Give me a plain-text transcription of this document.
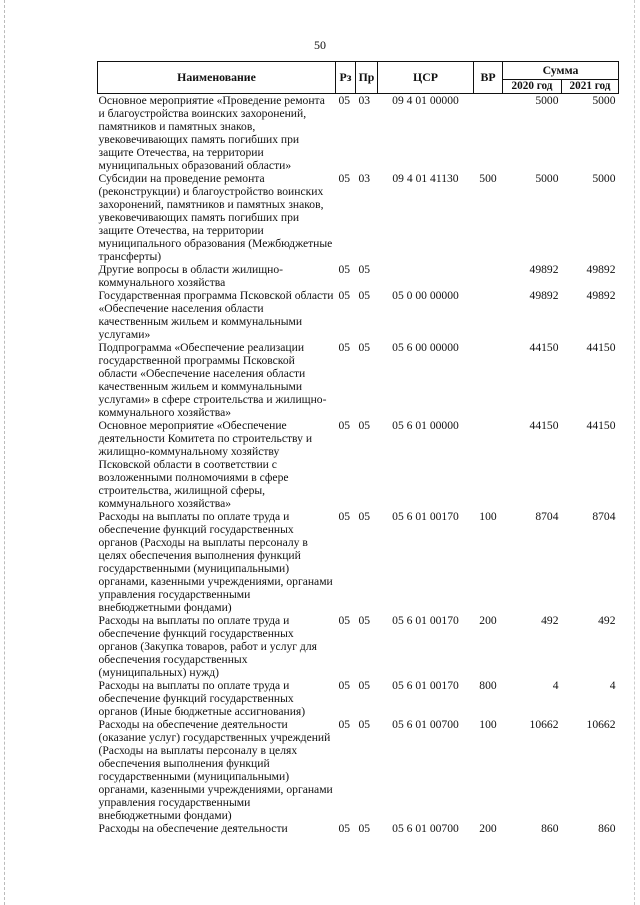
50
Наименование	Рз	Пр	ЦСР	ВР	Сумма	
					2020 год	2021 год
Основное мероприятие «Проведение ремонта и благоустройства воинских захоронений, памятников и памятных знаков, увековечивающих память погибших при защите Отечества, на территории муниципальных образований области»	05	03	09 4 01 00000		5000	5000
Субсидии на проведение ремонта (реконструкции) и благоустройство воинских захоронений, памятников и памятных знаков, увековечивающих память погибших при защите Отечества, на территории муниципального образования (Межбюджетные трансферты)	05	03	09 4 01 41130	500	5000	5000
Другие вопросы в области жилищно-коммунального хозяйства	05	05			49892	49892
Государственная программа Псковской области «Обеспечение населения области качественным жильем и коммунальными услугами»	05	05	05 0 00 00000		49892	49892
Подпрограмма «Обеспечение реализации государственной программы Псковской области «Обеспечение населения области качественным жильем и коммунальными услугами» в сфере строительства и жилищно-коммунального хозяйства»	05	05	05 6 00 00000		44150	44150
Основное мероприятие «Обеспечение деятельности Комитета по строительству и жилищно-коммунальному хозяйству Псковской области в соответствии с возложенными полномочиями в сфере строительства, жилищной сферы, коммунального хозяйства»	05	05	05 6 01 00000		44150	44150
Расходы на выплаты по оплате труда и обеспечение функций государственных органов (Расходы на выплаты персоналу в целях обеспечения выполнения функций государственными (муниципальными) органами, казенными учреждениями, органами управления государственными внебюджетными фондами)	05	05	05 6 01 00170	100	8704	8704
Расходы на выплаты по оплате труда и обеспечение функций государственных органов (Закупка товаров, работ и услуг для обеспечения государственных (муниципальных) нужд)	05	05	05 6 01 00170	200	492	492
Расходы на выплаты по оплате труда и обеспечение функций государственных органов (Иные бюджетные ассигнования)	05	05	05 6 01 00170	800	4	4
Расходы на обеспечение деятельности (оказание услуг) государственных учреждений (Расходы на выплаты персоналу в целях обеспечения выполнения функций государственными (муниципальными) органами, казенными учреждениями, органами управления государственными внебюджетными фондами)	05	05	05 6 01 00700	100	10662	10662
Расходы на обеспечение деятельности	05	05	05 6 01 00700	200	860	860
